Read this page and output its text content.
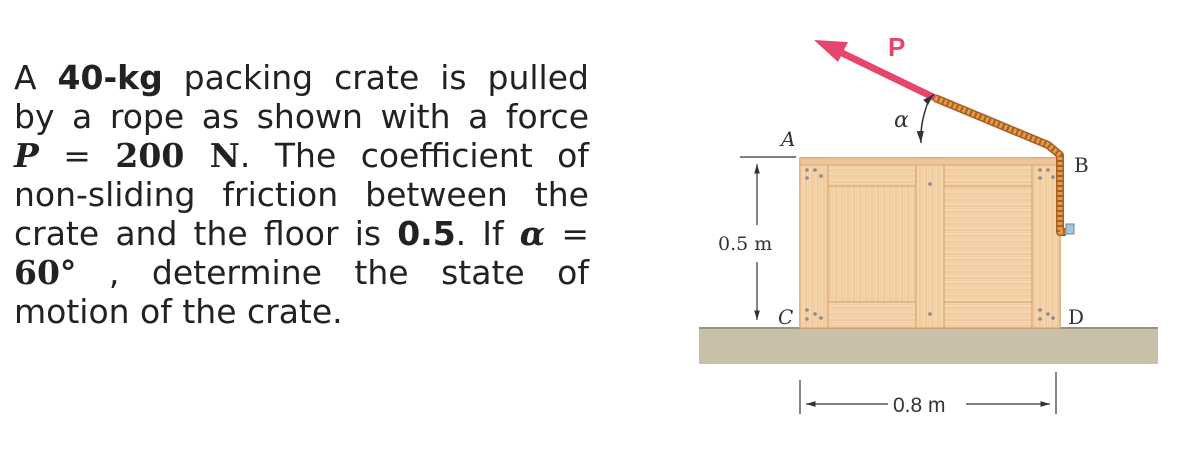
A 40-kg packing crate is pulled
by a rope as shown with a force
P = 200 N. The coefficient of
non-sliding friction between the
crate and the floor is 0.5. If α =
60° , determine the state of
motion of the crate.
P
α
A
B
C	D
0.5 m
0.8 m
